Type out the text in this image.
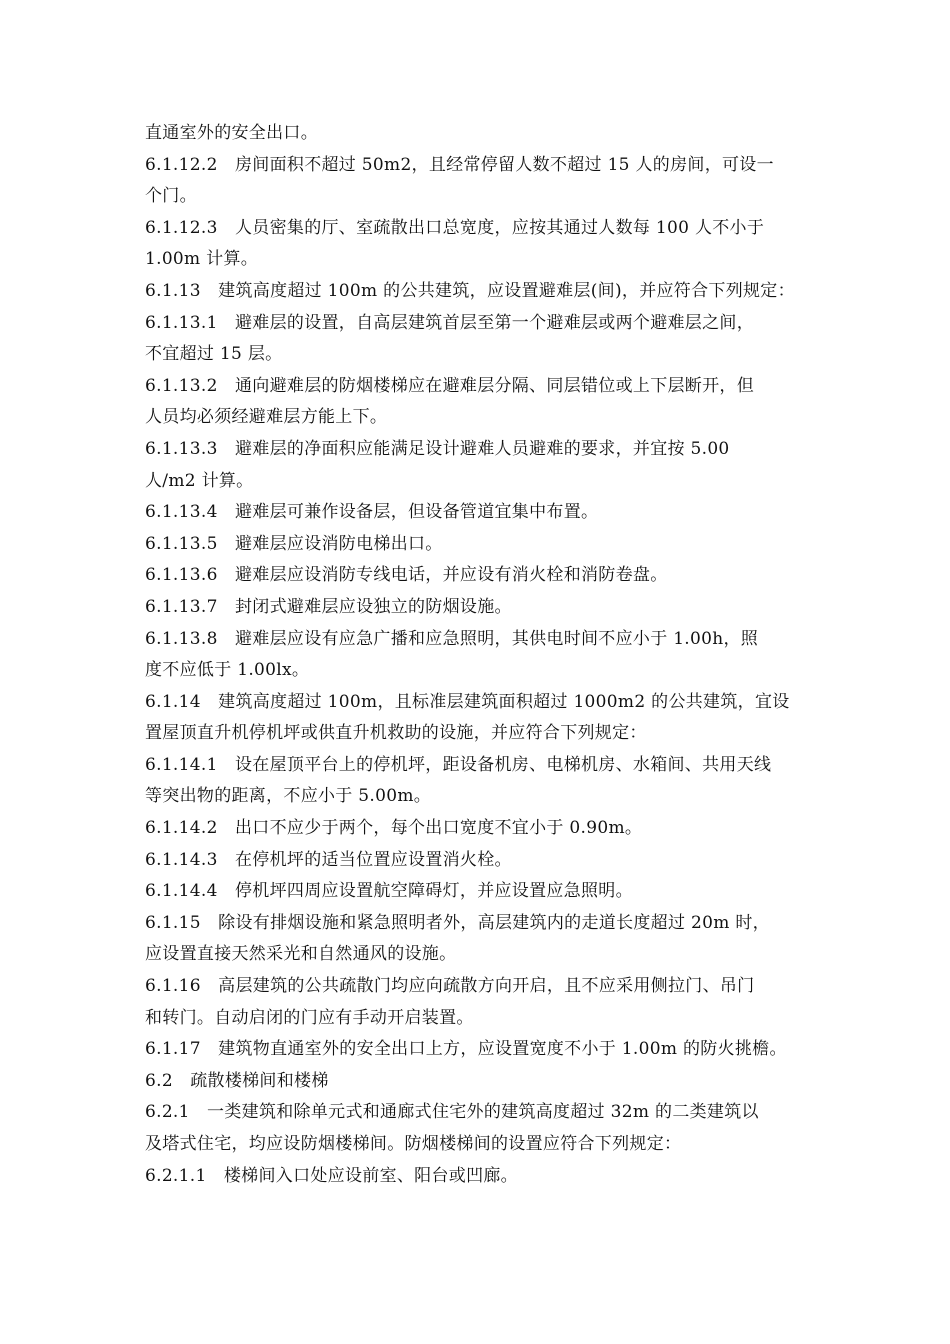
直通室外的安全出口。
6.1.12.2　房间面积不超过 50m2，且经常停留人数不超过 15 人的房间，可设一
个门。
6.1.12.3　人员密集的厅、室疏散出口总宽度，应按其通过人数每 100 人不小于
1.00m 计算。
6.1.13　建筑高度超过 100m 的公共建筑，应设置避难层(间)，并应符合下列规定：
6.1.13.1　避难层的设置，自高层建筑首层至第一个避难层或两个避难层之间，
不宜超过 15 层。
6.1.13.2　通向避难层的防烟楼梯应在避难层分隔、同层错位或上下层断开，但
人员均必须经避难层方能上下。
6.1.13.3　避难层的净面积应能满足设计避难人员避难的要求，并宜按 5.00
人/m2 计算。
6.1.13.4　避难层可兼作设备层，但设备管道宜集中布置。
6.1.13.5　避难层应设消防电梯出口。
6.1.13.6　避难层应设消防专线电话，并应设有消火栓和消防卷盘。
6.1.13.7　封闭式避难层应设独立的防烟设施。
6.1.13.8　避难层应设有应急广播和应急照明，其供电时间不应小于 1.00h，照
度不应低于 1.00lx。
6.1.14　建筑高度超过 100m，且标准层建筑面积超过 1000m2 的公共建筑，宜设
置屋顶直升机停机坪或供直升机救助的设施，并应符合下列规定：
6.1.14.1　设在屋顶平台上的停机坪，距设备机房、电梯机房、水箱间、共用天线
等突出物的距离，不应小于 5.00m。
6.1.14.2　出口不应少于两个，每个出口宽度不宜小于 0.90m。
6.1.14.3　在停机坪的适当位置应设置消火栓。
6.1.14.4　停机坪四周应设置航空障碍灯，并应设置应急照明。
6.1.15　除设有排烟设施和紧急照明者外，高层建筑内的走道长度超过 20m 时，
应设置直接天然采光和自然通风的设施。
6.1.16　高层建筑的公共疏散门均应向疏散方向开启，且不应采用侧拉门、吊门
和转门。自动启闭的门应有手动开启装置。
6.1.17　建筑物直通室外的安全出口上方，应设置宽度不小于 1.00m 的防火挑檐。
6.2　疏散楼梯间和楼梯
6.2.1　一类建筑和除单元式和通廊式住宅外的建筑高度超过 32m 的二类建筑以
及塔式住宅，均应设防烟楼梯间。防烟楼梯间的设置应符合下列规定：
6.2.1.1　楼梯间入口处应设前室、阳台或凹廊。
